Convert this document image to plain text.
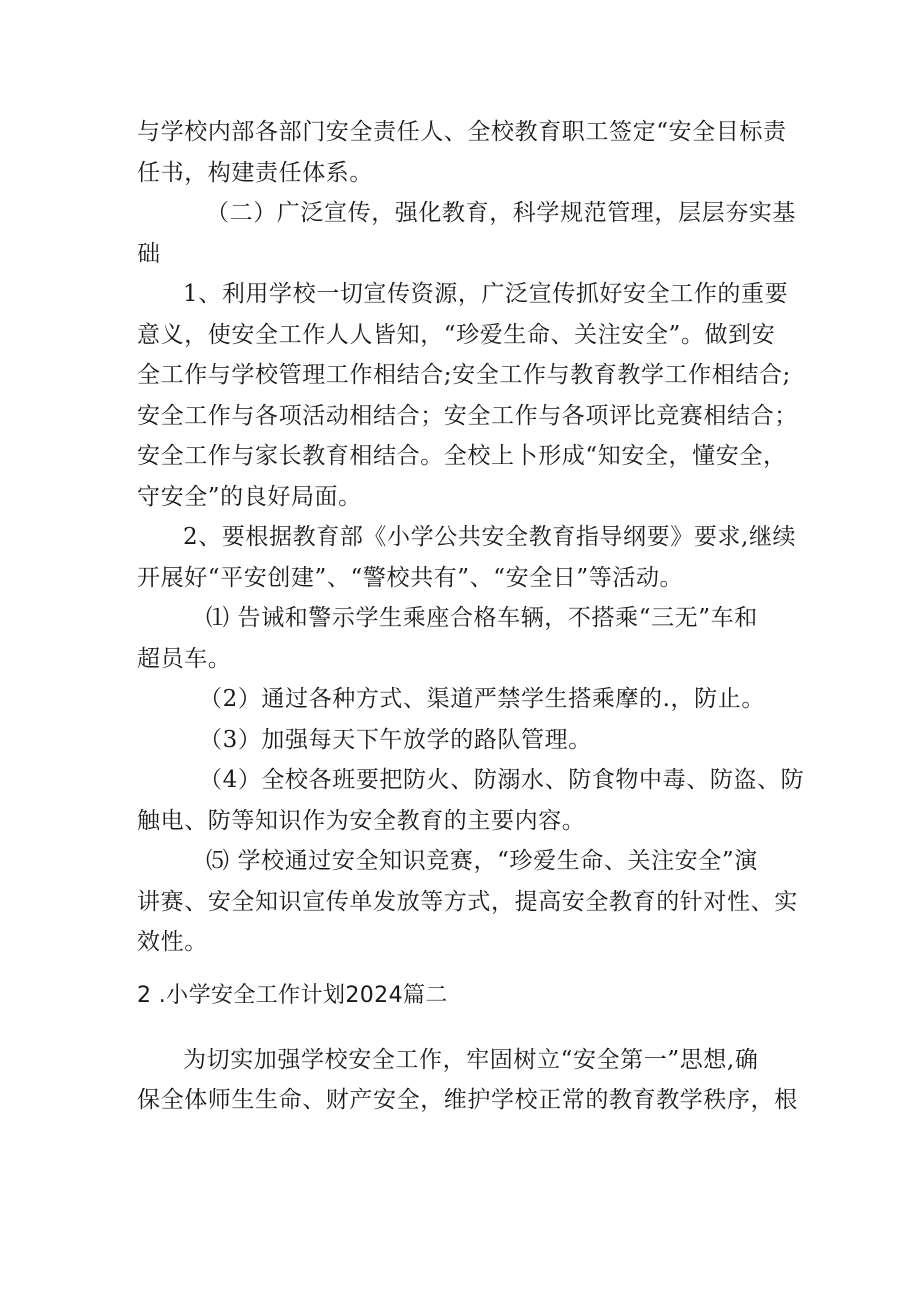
与学校内部各部门安全责任人、全校教育职工签定“安全目标责
任书，构建责任体系。

（二）广泛宣传，强化教育，科学规范管理，层层夯实基
础

1、利用学校一切宣传资源，广泛宣传抓好安全工作的重要
意义，使安全工作人人皆知，“珍爱生命、关注安全”。做到安
全工作与学校管理工作相结合;安全工作与教育教学工作相结合;
安全工作与各项活动相结合；安全工作与各项评比竞赛相结合；
安全工作与家长教育相结合。全校上卜形成“知安全，懂安全，
守安全”的良好局面。

2、要根据教育部《小学公共安全教育指导纲要》要求,继续
开展好“平安创建”、“警校共有”、“安全日”等活动。

⑴ 告诫和警示学生乘座合格车辆，不搭乘“三无”车和
超员车。

（2）通过各种方式、渠道严禁学生搭乘摩的.，防止。

（3）加强每天下午放学的路队管理。

（4）全校各班要把防火、防溺水、防食物中毒、防盗、防
触电、防等知识作为安全教育的主要内容。

⑸ 学校通过安全知识竞赛，“珍爱生命、关注安全”演
讲赛、安全知识宣传单发放等方式，提高安全教育的针对性、实
效性。

2 .小学安全工作计划2024篇二

为切实加强学校安全工作，牢固树立“安全第一”思想,确
保全体师生生命、财产安全，维护学校正常的教育教学秩序，根
